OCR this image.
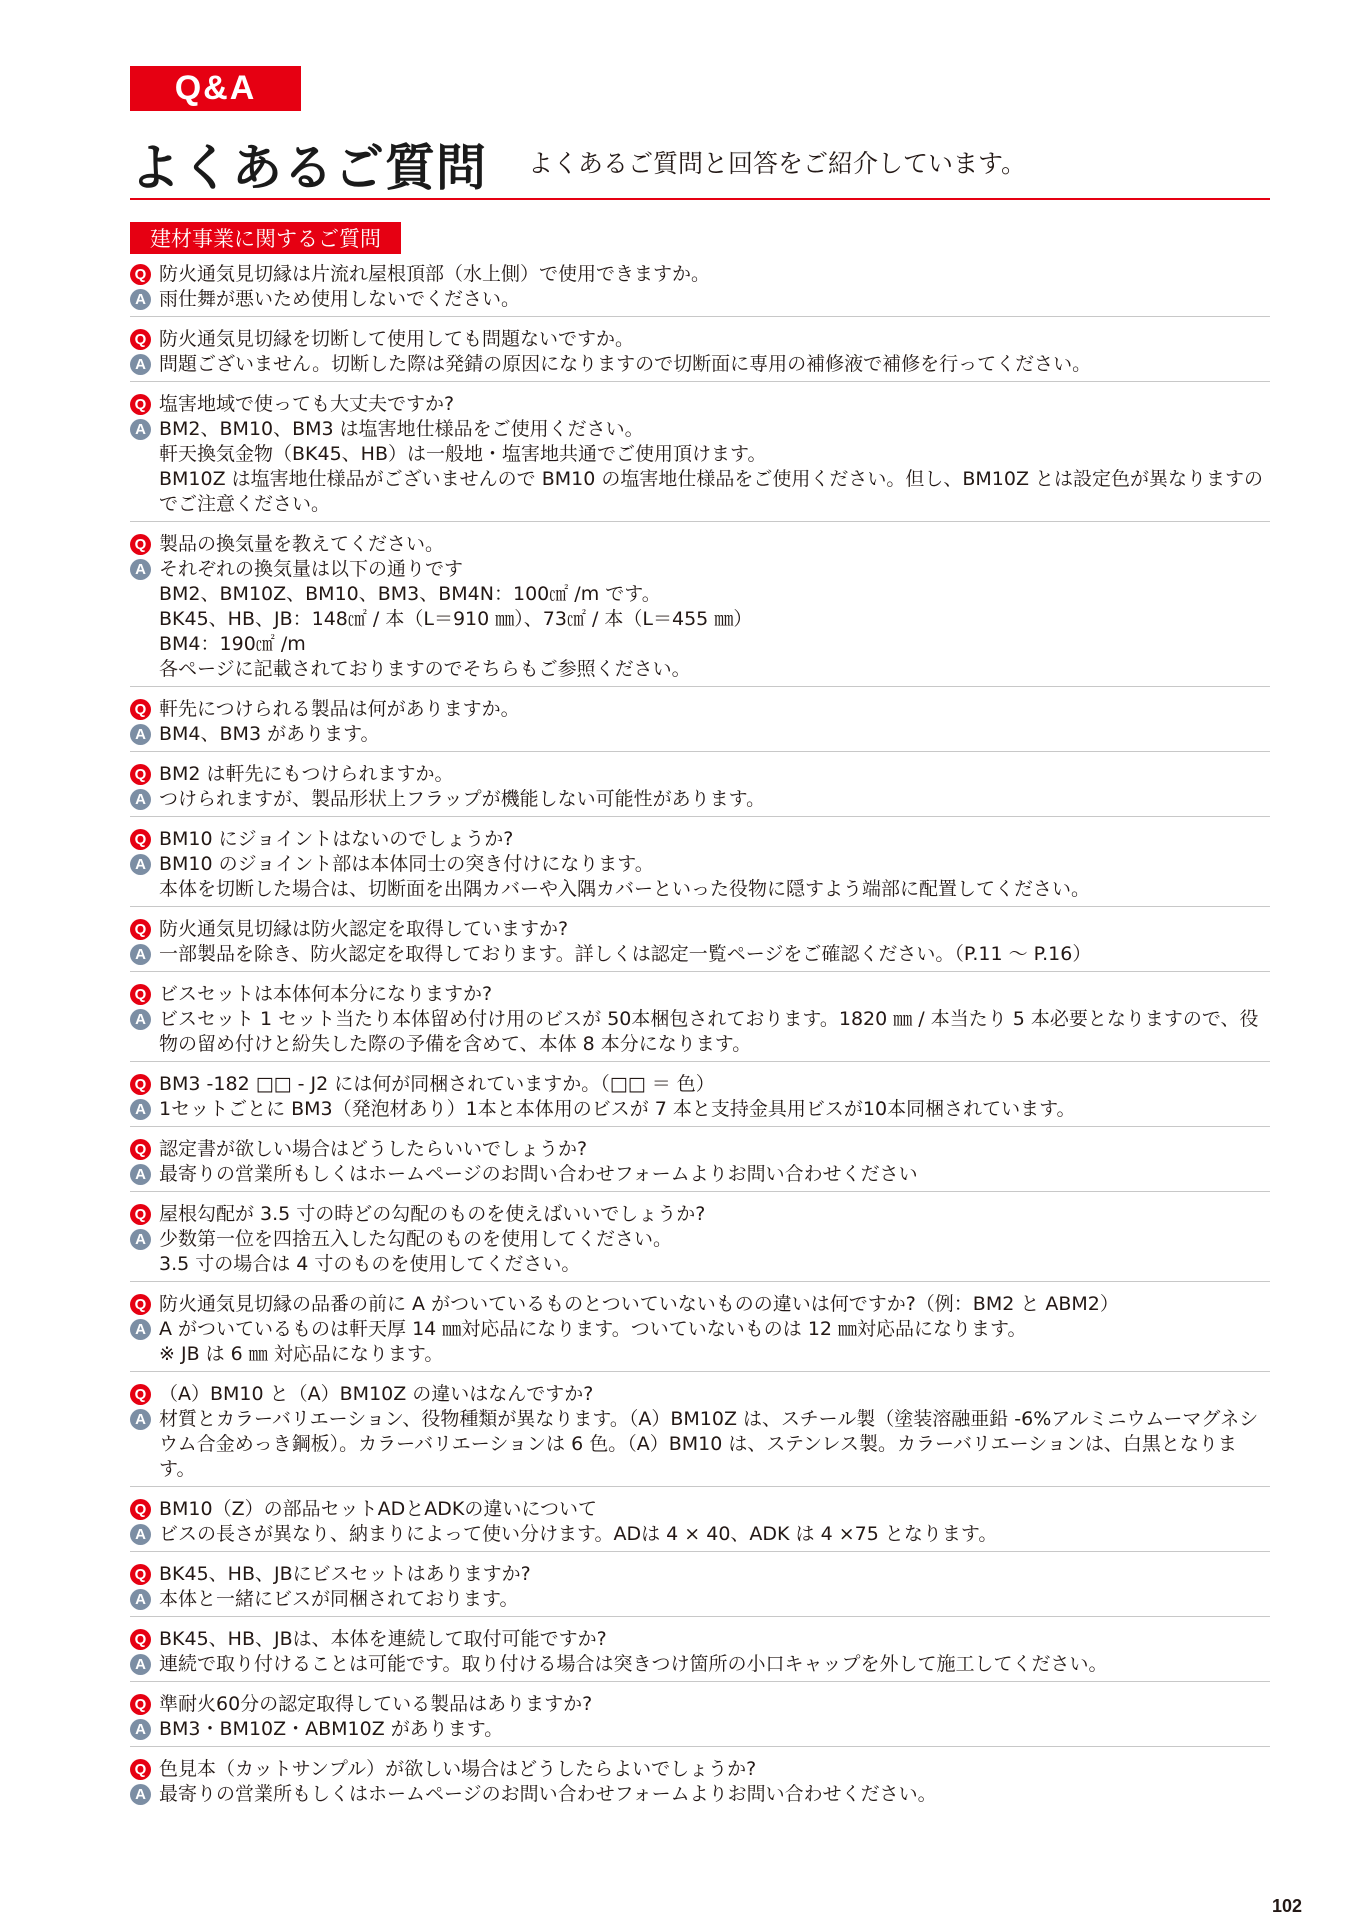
Q&A
よくあるご質問 よくあるご質問と回答をご紹介しています。
建材事業に関するご質問
Q 防火通気見切縁は片流れ屋根頂部（水上側）で使用できますか。
A 雨仕舞が悪いため使用しないでください。
Q 防火通気見切縁を切断して使用しても問題ないですか。
A 問題ございません。切断した際は発錆の原因になりますので切断面に専用の補修液で補修を行ってください。
Q 塩害地域で使っても大丈夫ですか?
A BM2、BM10、BM3 は塩害地仕様品をご使用ください。
軒天換気金物（BK45、HB）は一般地・塩害地共通でご使用頂けます。
BM10Z は塩害地仕様品がございませんので BM10 の塩害地仕様品をご使用ください。但し、BM10Z とは設定色が異なりますのでご注意ください。
Q 製品の換気量を教えてください。
A それぞれの換気量は以下の通りです
BM2、BM10Z、BM10、BM3、BM4N：100㎠ /m です。
BK45、HB、JB：148㎠ / 本（L＝910 ㎜）、73㎠ / 本（L＝455 ㎜）
BM4：190㎠ /m
各ページに記載されておりますのでそちらもご参照ください。
Q 軒先につけられる製品は何がありますか。
A BM4、BM3 があります。
Q BM2 は軒先にもつけられますか。
A つけられますが、製品形状上フラップが機能しない可能性があります。
Q BM10 にジョイントはないのでしょうか?
A BM10 のジョイント部は本体同士の突き付けになります。
本体を切断した場合は、切断面を出隅カバーや入隅カバーといった役物に隠すよう端部に配置してください。
Q 防火通気見切縁は防火認定を取得していますか?
A 一部製品を除き、防火認定を取得しております。詳しくは認定一覧ページをご確認ください。（P.11 ～ P.16）
Q ビスセットは本体何本分になりますか?
A ビスセット 1 セット当たり本体留め付け用のビスが 50本梱包されております。1820 ㎜ / 本当たり 5 本必要となりますので、役物の留め付けと紛失した際の予備を含めて、本体 8 本分になります。
Q BM3 -182 □□ - J2 には何が同梱されていますか。（□□ ＝ 色）
A 1セットごとに BM3（発泡材あり）1本と本体用のビスが 7 本と支持金具用ビスが10本同梱されています。
Q 認定書が欲しい場合はどうしたらいいでしょうか?
A 最寄りの営業所もしくはホームページのお問い合わせフォームよりお問い合わせください
Q 屋根勾配が 3.5 寸の時どの勾配のものを使えばいいでしょうか?
A 少数第一位を四捨五入した勾配のものを使用してください。
3.5 寸の場合は 4 寸のものを使用してください。
Q 防火通気見切縁の品番の前に A がついているものとついていないものの違いは何ですか?（例：BM2 と ABM2）
A A がついているものは軒天厚 14 ㎜対応品になります。ついていないものは 12 ㎜対応品になります。
※ JB は 6 ㎜ 対応品になります。
Q （A）BM10 と（A）BM10Z の違いはなんですか?
A 材質とカラーバリエーション、役物種類が異なります。（A）BM10Z は、スチール製（塗装溶融亜鉛 -6%アルミニウムーマグネシウム合金めっき鋼板）。カラーバリエーションは 6 色。（A）BM10 は、ステンレス製。カラーバリエーションは、白黒となります。
Q BM10（Z）の部品セットADとADKの違いについて
A ビスの長さが異なり、納まりによって使い分けます。ADは 4 × 40、ADK は 4 ×75 となります。
Q BK45、HB、JBにビスセットはありますか?
A 本体と一緒にビスが同梱されております。
Q BK45、HB、JBは、本体を連続して取付可能ですか?
A 連続で取り付けることは可能です。取り付ける場合は突きつけ箇所の小口キャップを外して施工してください。
Q 準耐火60分の認定取得している製品はありますか?
A BM3・BM10Z・ABM10Z があります。
Q 色見本（カットサンプル）が欲しい場合はどうしたらよいでしょうか?
A 最寄りの営業所もしくはホームページのお問い合わせフォームよりお問い合わせください。
102
